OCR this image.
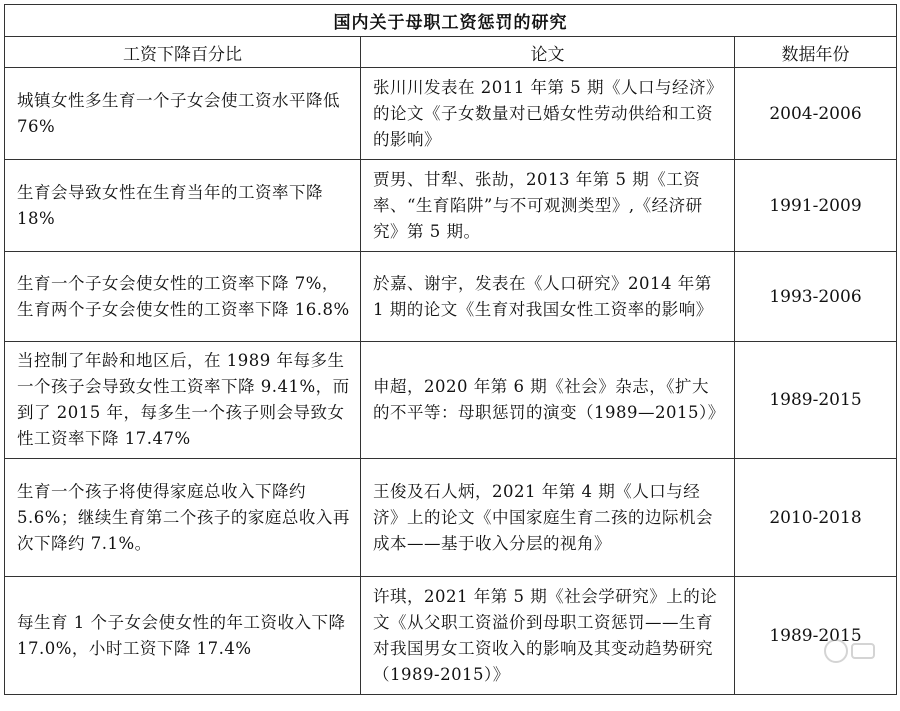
国内关于母职工资惩罚的研究		
工资下降百分比	论文	数据年份
城镇女性多生育一个子女会使工资水平降低 76%	张川川发表在 2011 年第 5 期《人口与经济》的论文《子女数量对已婚女性劳动供给和工资的影响》	2004-2006
生育会导致女性在生育当年的工资率下降 18%	贾男、甘犁、张劼，2013 年第 5 期《工资率、“生育陷阱”与不可观测类型》,《经济研究》第 5 期。	1991-2009
生育一个子女会使女性的工资率下降 7%，生育两个子女会使女性的工资率下降 16.8%	於嘉、谢宇，发表在《人口研究》2014 年第 1 期的论文《生育对我国女性工资率的影响》	1993-2006
当控制了年龄和地区后，在 1989 年每多生一个孩子会导致女性工资率下降 9.41%，而到了 2015 年，每多生一个孩子则会导致女性工资率下降 17.47%	申超，2020 年第 6 期《社会》杂志，《扩大的不平等：母职惩罚的演变（1989—2015）》	1989-2015
生育一个孩子将使得家庭总收入下降约 5.6%；继续生育第二个孩子的家庭总收入再次下降约 7.1%。	王俊及石人炳，2021 年第 4 期《人口与经济》上的论文《中国家庭生育二孩的边际机会成本——基于收入分层的视角》	2010-2018
每生育 1 个子女会使女性的年工资收入下降 17.0%，小时工资下降 17.4%	许琪，2021 年第 5 期《社会学研究》上的论文《从父职工资溢价到母职工资惩罚——生育对我国男女工资收入的影响及其变动趋势研究（1989-2015）》	1989-2015
